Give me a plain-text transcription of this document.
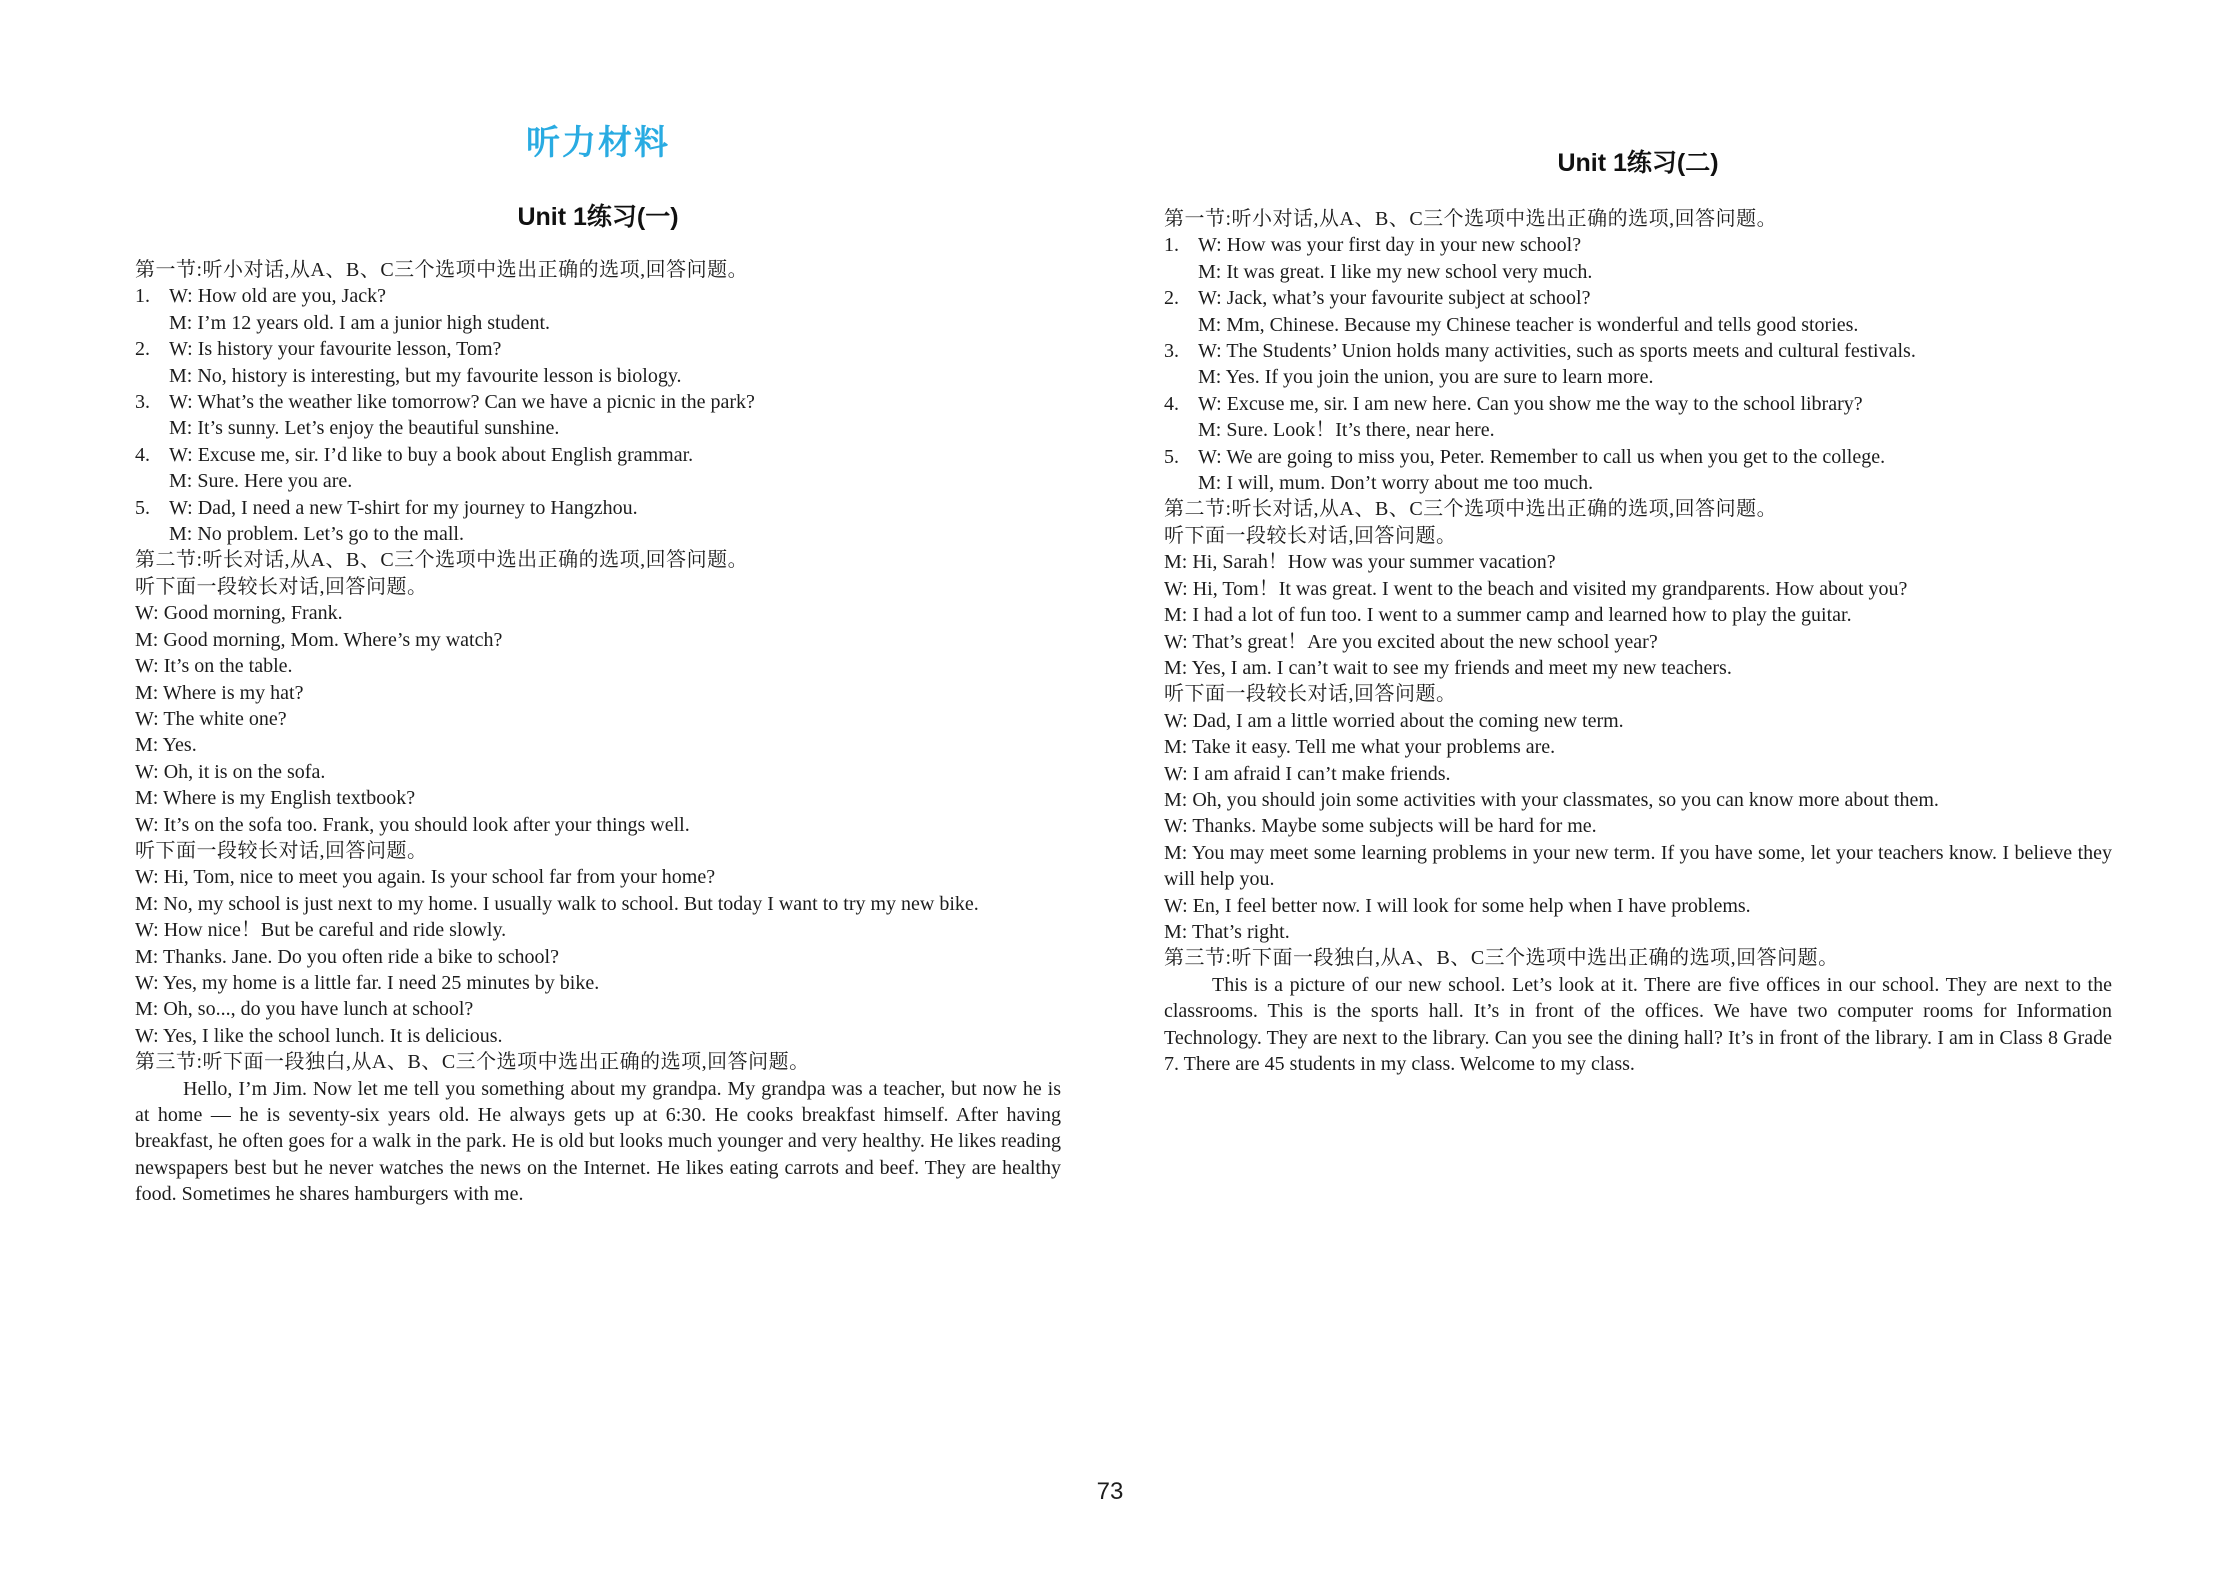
听力材料
Unit 1练习(一)
第一节:听小对话,从A、B、C三个选项中选出正确的选项,回答问题。
1. W: How old are you, Jack?
M: I’m 12 years old. I am a junior high student.
2. W: Is history your favourite lesson, Tom?
M: No, history is interesting, but my favourite lesson is biology.
3. W: What’s the weather like tomorrow? Can we have a picnic in the park?
M: It’s sunny. Let’s enjoy the beautiful sunshine.
4. W: Excuse me, sir. I’d like to buy a book about English grammar.
M: Sure. Here you are.
5. W: Dad, I need a new T-shirt for my journey to Hangzhou.
M: No problem. Let’s go to the mall.
第二节:听长对话,从A、B、C三个选项中选出正确的选项,回答问题。
听下面一段较长对话,回答问题。
W: Good morning, Frank.
M: Good morning, Mom. Where’s my watch?
W: It’s on the table.
M: Where is my hat?
W: The white one?
M: Yes.
W: Oh, it is on the sofa.
M: Where is my English textbook?
W: It’s on the sofa too. Frank, you should look after your things well.
听下面一段较长对话,回答问题。
W: Hi, Tom, nice to meet you again. Is your school far from your home?
M: No, my school is just next to my home. I usually walk to school. But today I want to try my new bike.
W: How nice！But be careful and ride slowly.
M: Thanks. Jane. Do you often ride a bike to school?
W: Yes, my home is a little far. I need 25 minutes by bike.
M: Oh, so..., do you have lunch at school?
W: Yes, I like the school lunch. It is delicious.
第三节:听下面一段独白,从A、B、C三个选项中选出正确的选项,回答问题。
Hello, I’m Jim. Now let me tell you something about my grandpa. My grandpa was a teacher, but now he is at home — he is seventy-six years old. He always gets up at 6:30. He cooks breakfast himself. After having breakfast, he often goes for a walk in the park. He is old but looks much younger and very healthy. He likes reading newspapers best but he never watches the news on the Internet. He likes eating carrots and beef. They are healthy food. Sometimes he shares hamburgers with me.
Unit 1练习(二)
第一节:听小对话,从A、B、C三个选项中选出正确的选项,回答问题。
1. W: How was your first day in your new school?
M: It was great. I like my new school very much.
2. W: Jack, what’s your favourite subject at school?
M: Mm, Chinese. Because my Chinese teacher is wonderful and tells good stories.
3. W: The Students’ Union holds many activities, such as sports meets and cultural festivals.
M: Yes. If you join the union, you are sure to learn more.
4. W: Excuse me, sir. I am new here. Can you show me the way to the school library?
M: Sure. Look！It’s there, near here.
5. W: We are going to miss you, Peter. Remember to call us when you get to the college.
M: I will, mum. Don’t worry about me too much.
第二节:听长对话,从A、B、C三个选项中选出正确的选项,回答问题。
听下面一段较长对话,回答问题。
M: Hi, Sarah！How was your summer vacation?
W: Hi, Tom！It was great. I went to the beach and visited my grandparents. How about you?
M: I had a lot of fun too. I went to a summer camp and learned how to play the guitar.
W: That’s great！Are you excited about the new school year?
M: Yes, I am. I can’t wait to see my friends and meet my new teachers.
听下面一段较长对话,回答问题。
W: Dad, I am a little worried about the coming new term.
M: Take it easy. Tell me what your problems are.
W: I am afraid I can’t make friends.
M: Oh, you should join some activities with your classmates, so you can know more about them.
W: Thanks. Maybe some subjects will be hard for me.
M: You may meet some learning problems in your new term. If you have some, let your teachers know. I believe they will help you.
W: En, I feel better now. I will look for some help when I have problems.
M: That’s right.
第三节:听下面一段独白,从A、B、C三个选项中选出正确的选项,回答问题。
This is a picture of our new school. Let’s look at it. There are five offices in our school. They are next to the classrooms. This is the sports hall. It’s in front of the offices. We have two computer rooms for Information Technology. They are next to the library. Can you see the dining hall? It’s in front of the library. I am in Class 8 Grade 7. There are 45 students in my class. Welcome to my class.
73
